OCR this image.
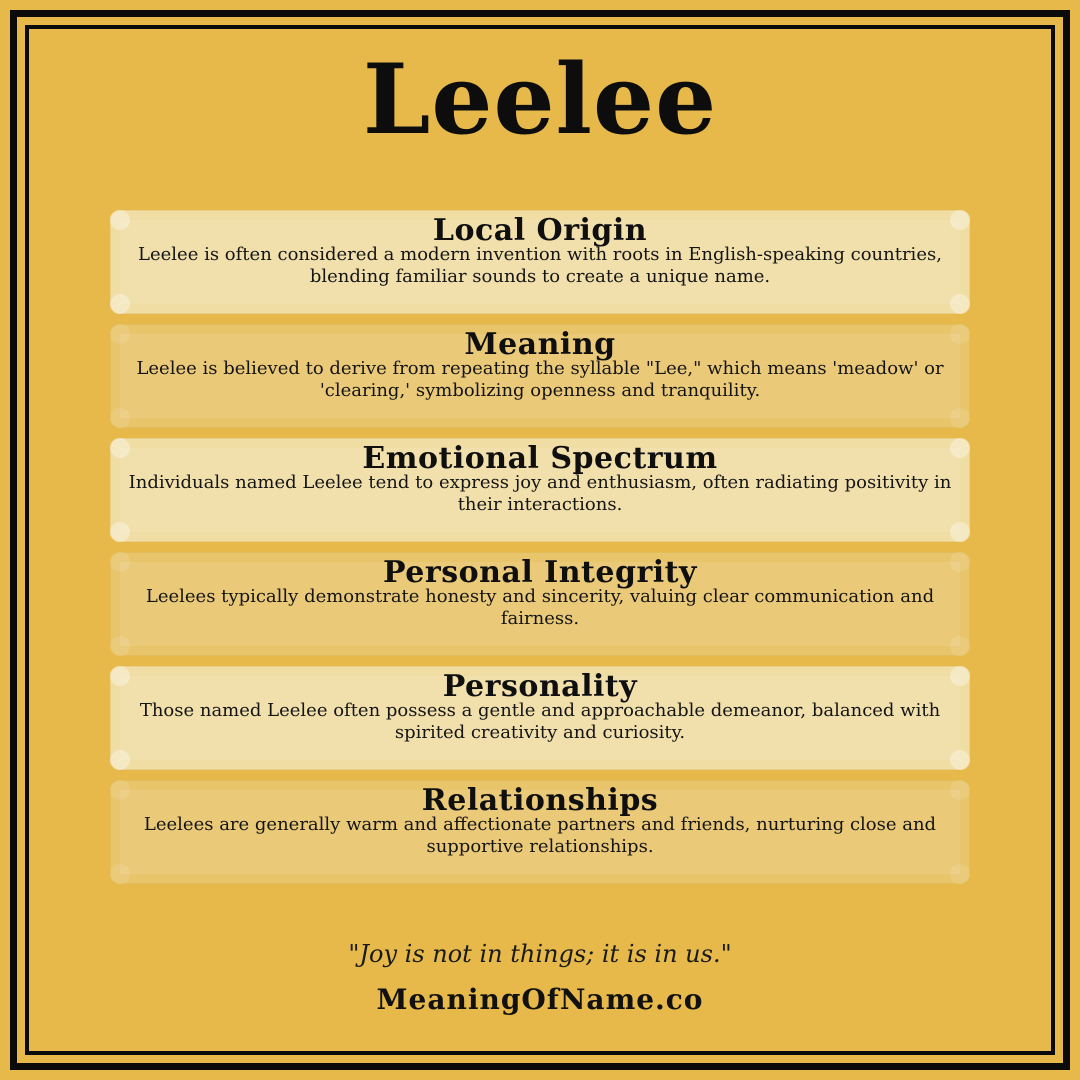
Leelee
Local Origin
Leelee is often considered a modern invention with roots in English-speaking countries, blending familiar sounds to create a unique name.
Meaning
Leelee is believed to derive from repeating the syllable "Lee," which means 'meadow' or 'clearing,' symbolizing openness and tranquility.
Emotional Spectrum
Individuals named Leelee tend to express joy and enthusiasm, often radiating positivity in their interactions.
Personal Integrity
Leelees typically demonstrate honesty and sincerity, valuing clear communication and fairness.
Personality
Those named Leelee often possess a gentle and approachable demeanor, balanced with spirited creativity and curiosity.
Relationships
Leelees are generally warm and affectionate partners and friends, nurturing close and supportive relationships.
"Joy is not in things; it is in us."
MeaningOfName.co
